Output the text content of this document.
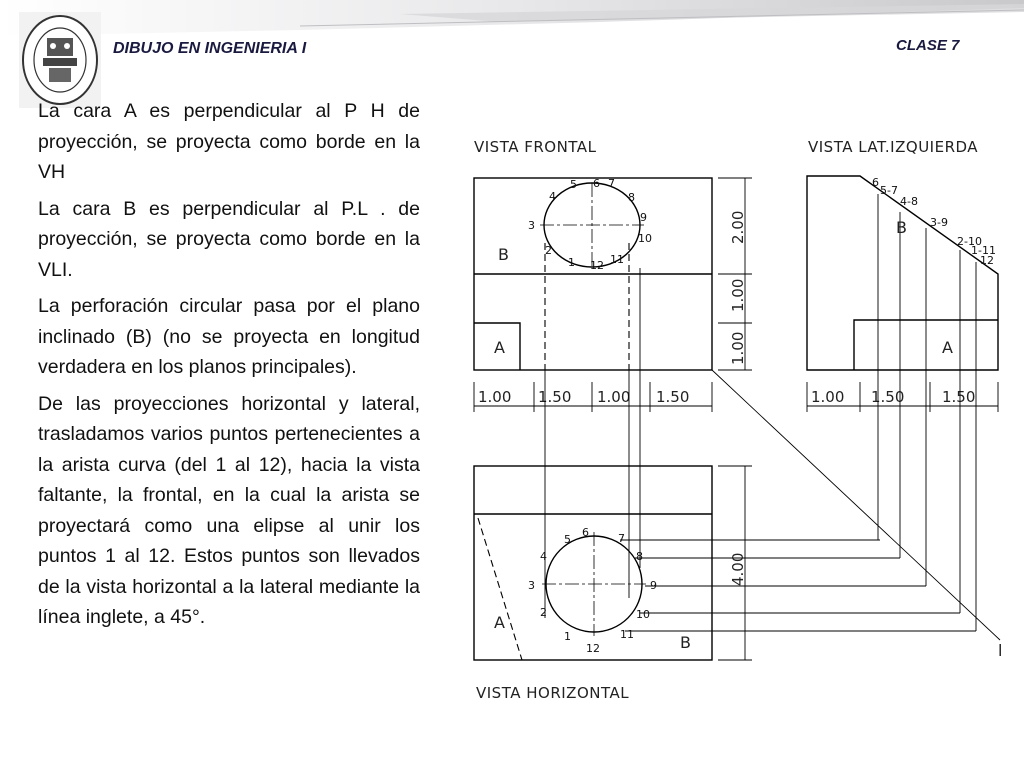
DIBUJO EN INGENIERIA I	CLASE 7

La cara A es perpendicular al P H de proyección, se proyecta como borde en la VH

La cara B es perpendicular al P.L . de proyección, se proyecta como borde en la VLI.

La perforación circular pasa por el plano inclinado (B) (no se proyecta en longitud verdadera en los planos principales).

De las proyecciones horizontal y lateral, trasladamos varios puntos pertenecientes a la arista curva (del 1 al 12), hacia la vista faltante, la frontal, en la cual la arista se proyectará como una elipse al unir los puntos 1 al 12. Estos puntos son llevados de la vista horizontal a la lateral mediante la línea inglete, a 45°.

VISTA FRONTAL
B
A
5 6 7
4	8
3
9
2
10
1 12 11
2.00
1.00
1.00
1.00 1.50 1.00 1.50
VISTA LAT.IZQUIERDA
B
A
6
5-7
4-8
3-9
2-10
1-11
12
1.00 1.50	1.50
l
A
B
5
6	7
4	8
3	9
2	10
1
12
11
4.00
VISTA HORIZONTAL
